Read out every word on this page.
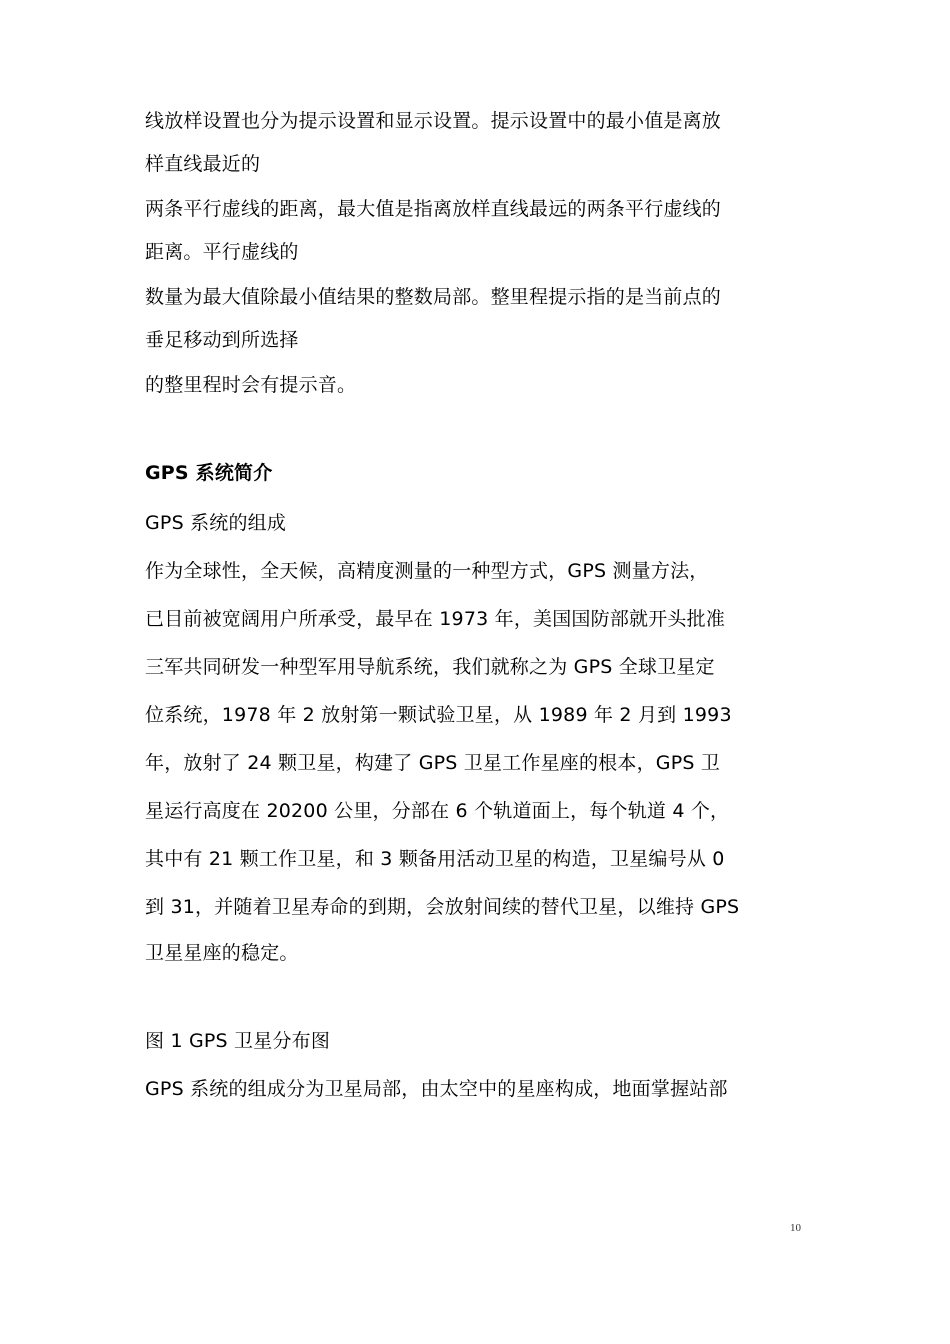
线放样设置也分为提示设置和显示设置。提示设置中的最小值是离放
样直线最近的
两条平行虚线的距离，最大值是指离放样直线最远的两条平行虚线的
距离。平行虚线的
数量为最大值除最小值结果的整数局部。整里程提示指的是当前点的
垂足移动到所选择
的整里程时会有提示音。
GPS 系统简介
GPS 系统的组成
作为全球性，全天候，高精度测量的一种型方式，GPS 测量方法，
已目前被宽阔用户所承受，最早在 1973 年，美国国防部就开头批准
三军共同研发一种型军用导航系统，我们就称之为 GPS 全球卫星定
位系统，1978 年 2 放射第一颗试验卫星，从 1989 年 2 月到 1993
年，放射了 24 颗卫星，构建了 GPS 卫星工作星座的根本，GPS 卫
星运行高度在 20200 公里，分部在 6 个轨道面上，每个轨道 4 个，
其中有 21 颗工作卫星，和 3 颗备用活动卫星的构造，卫星编号从 0
到 31，并随着卫星寿命的到期，会放射间续的替代卫星，以维持 GPS
卫星星座的稳定。
图 1 GPS 卫星分布图
GPS 系统的组成分为卫星局部，由太空中的星座构成，地面掌握站部
10
